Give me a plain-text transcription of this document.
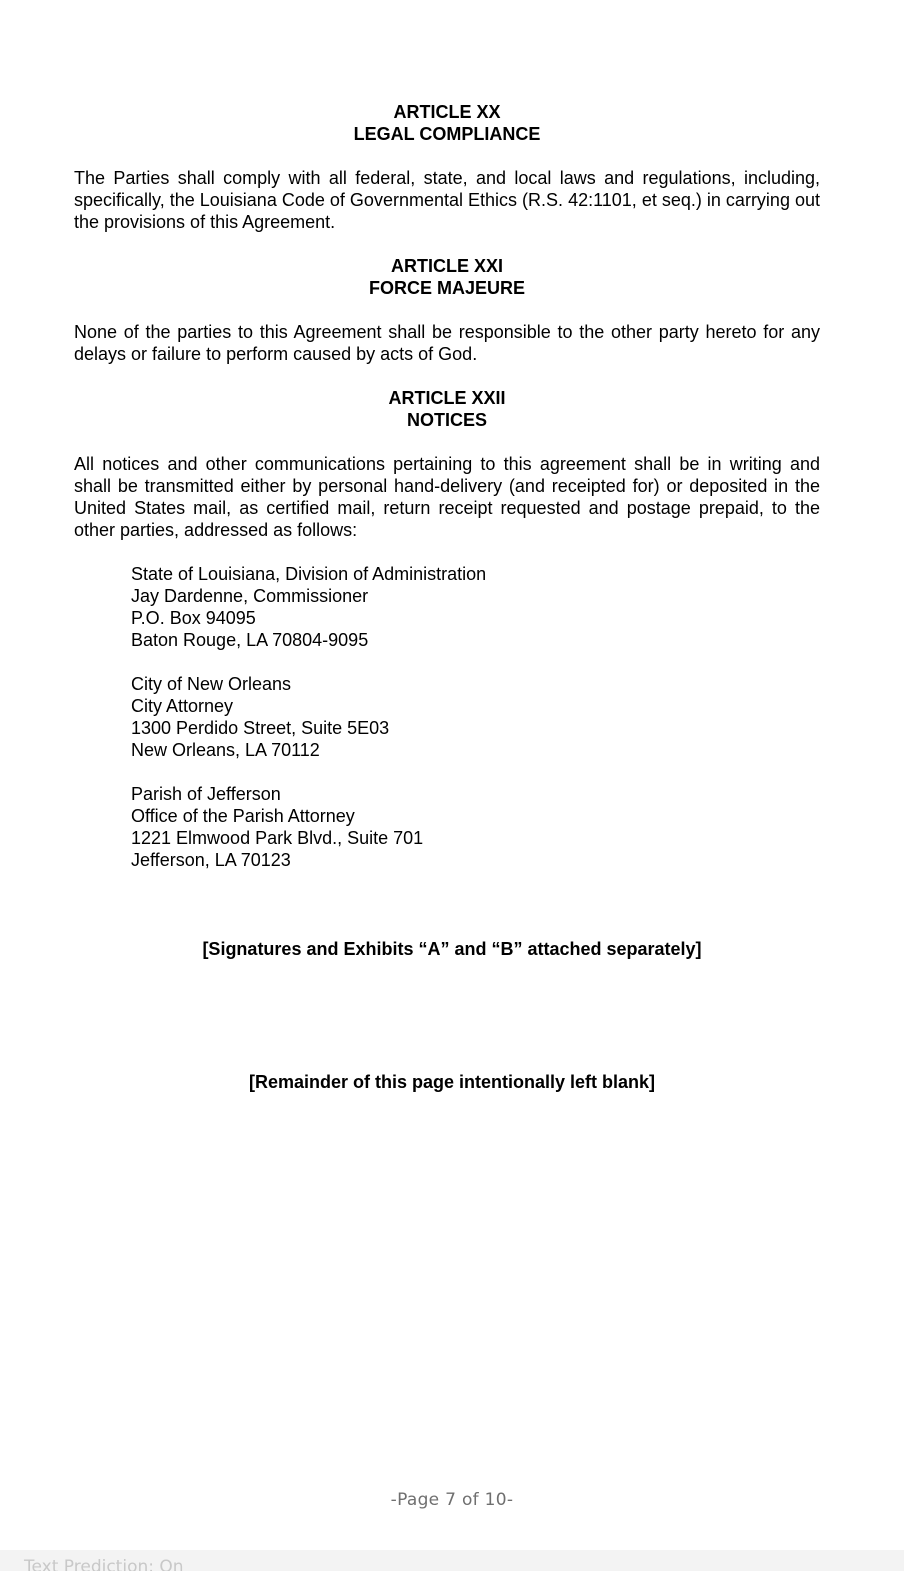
ARTICLE XX

LEGAL COMPLIANCE

The Parties shall comply with all federal, state, and local laws and regulations, including, specifically, the Louisiana Code of Governmental Ethics (R.S. 42:1101, et seq.) in carrying out the provisions of this Agreement.

ARTICLE XXI

FORCE MAJEURE

None of the parties to this Agreement shall be responsible to the other party hereto for any delays or failure to perform caused by acts of God.

ARTICLE XXII

NOTICES

All notices and other communications pertaining to this agreement shall be in writing and shall be transmitted either by personal hand-delivery (and receipted for) or deposited in the United States mail, as certified mail, return receipt requested and postage prepaid, to the other parties, addressed as follows:

State of Louisiana, Division of Administration
Jay Dardenne, Commissioner
P.O. Box 94095
Baton Rouge, LA 70804-9095
City of New Orleans
City Attorney
1300 Perdido Street, Suite 5E03
New Orleans, LA 70112
Parish of Jefferson
Office of the Parish Attorney
1221 Elmwood Park Blvd., Suite 701
Jefferson, LA 70123

[Signatures and Exhibits “A” and “B” attached separately]

[Remainder of this page intentionally left blank]

-Page 7 of 10-
Text Prediction: On
